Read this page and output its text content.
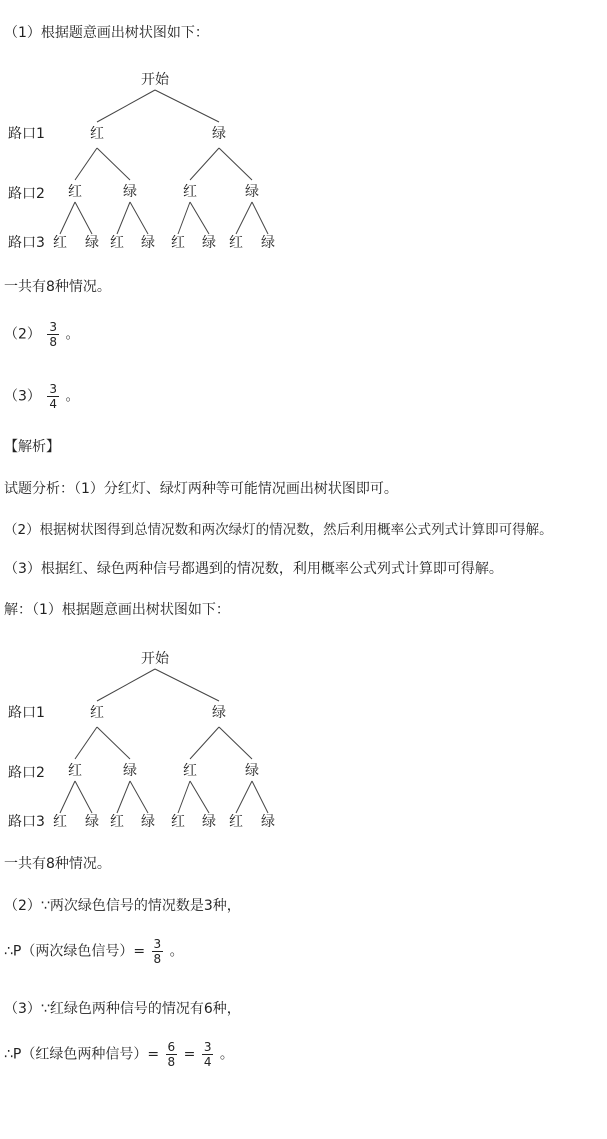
（1）根据题意画出树状图如下：
开始
路口1
路口2
路口3
红	绿
红	绿	红	绿
红 绿 红 绿 红 绿 红 绿
一共有8种情况。
$(2) \frac{3}{8}$ 。
$(3) \frac{3}{4}$ 。
【解析】
试题分析：（1）分红灯、绿灯两种等可能情况画出树状图即可。
（2）根据树状图得到总情况数和两次绿灯的情况数，然后利用概率公式列式计算即可得解。
（3）根据红、绿色两种信号都遇到的情况数，利用概率公式列式计算即可得解。
解：（1）根据题意画出树状图如下：
开始
路口1
路口2
路口3
红	绿
红	绿	红	绿
红 绿 红 绿 红 绿 红 绿
一共有8种情况。
（2）∵两次绿色信号的情况数是3种，
∴P（两次绿色信号）= $\frac{3}{8}$ 。
（3）∵红绿色两种信号的情况有6种，
∴P（红绿色两种信号）= $\frac{6}{8} = \frac{3}{4}$ 。
